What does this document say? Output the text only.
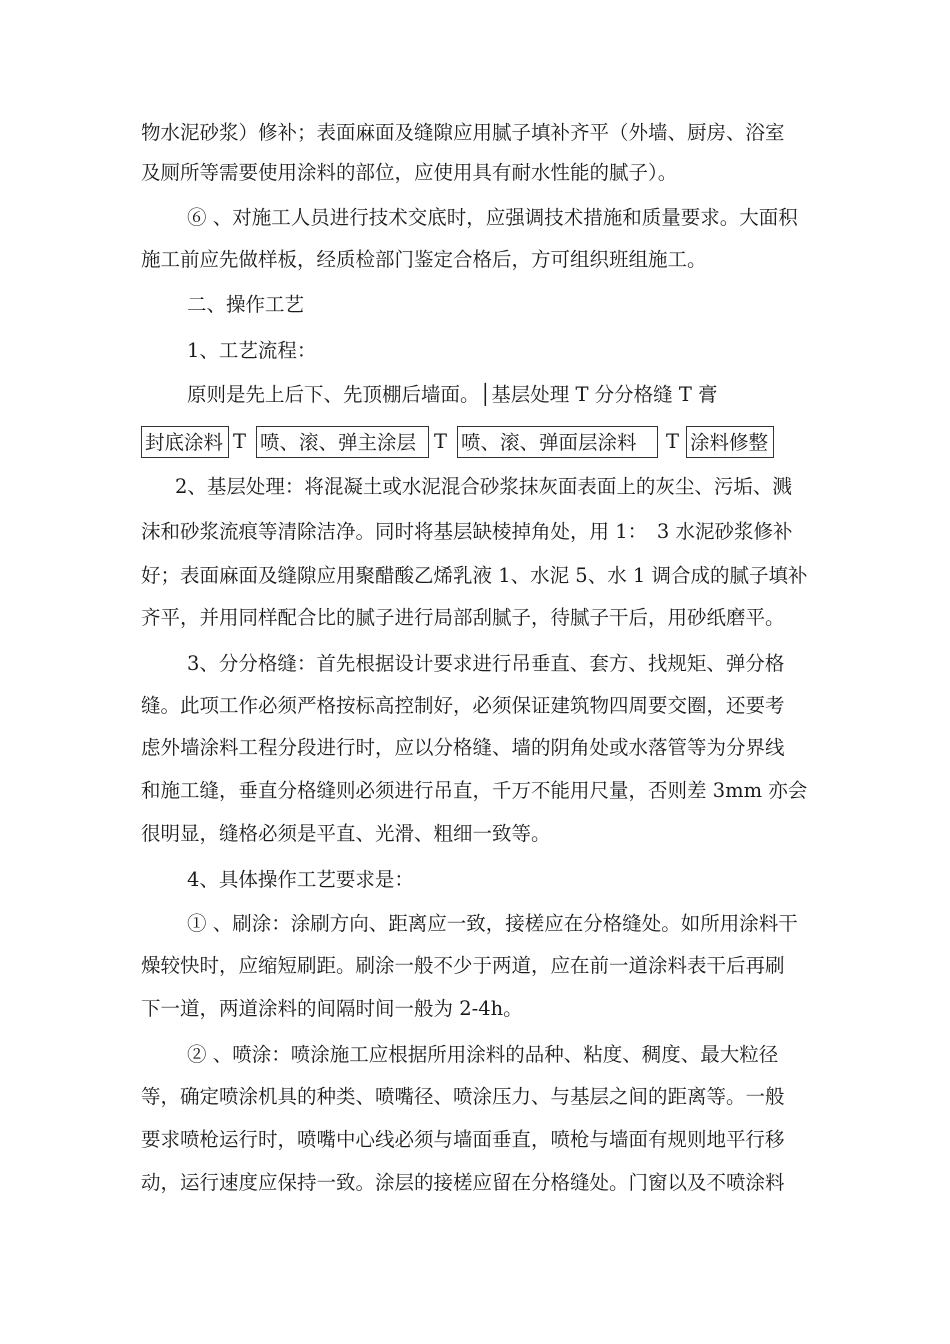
物水泥砂浆）修补；表面麻面及缝隙应用腻子填补齐平（外墙、厨房、浴室
及厕所等需要使用涂料的部位，应使用具有耐水性能的腻子）。
⑥ 、对施工人员进行技术交底时，应强调技术措施和质量要求。大面积
施工前应先做样板，经质检部门鉴定合格后，方可组织班组施工。
二、操作工艺
1、工艺流程：
原则是先上后下、先顶棚后墙面。│基层处理 T 分分格缝 T 膏
封底涂料 T 喷、滚、弹主涂层 T 喷、滚、弹面层涂料	T 涂料修整
2、基层处理：将混凝土或水泥混合砂浆抹灰面表面上的灰尘、污垢、溅
沫和砂浆流痕等清除洁净。同时将基层缺棱掉角处，用 1：　3 水泥砂浆修补
好；表面麻面及缝隙应用聚醋酸乙烯乳液 1、水泥 5、水 1 调合成的腻子填补
齐平，并用同样配合比的腻子进行局部刮腻子，待腻子干后，用砂纸磨平。
3、分分格缝：首先根据设计要求进行吊垂直、套方、找规矩、弹分格
缝。此项工作必须严格按标高控制好，必须保证建筑物四周要交圈，还要考
虑外墙涂料工程分段进行时，应以分格缝、墙的阴角处或水落管等为分界线
和施工缝，垂直分格缝则必须进行吊直，千万不能用尺量，否则差 3mm 亦会
很明显，缝格必须是平直、光滑、粗细一致等。
4、具体操作工艺要求是：
① 、刷涂：涂刷方向、距离应一致，接槎应在分格缝处。如所用涂料干
燥较快时，应缩短刷距。刷涂一般不少于两道，应在前一道涂料表干后再刷
下一道，两道涂料的间隔时间一般为 2-4h。
② 、喷涂：喷涂施工应根据所用涂料的品种、粘度、稠度、最大粒径
等，确定喷涂机具的种类、喷嘴径、喷涂压力、与基层之间的距离等。一般
要求喷枪运行时，喷嘴中心线必须与墙面垂直，喷枪与墙面有规则地平行移
动，运行速度应保持一致。涂层的接槎应留在分格缝处。门窗以及不喷涂料
